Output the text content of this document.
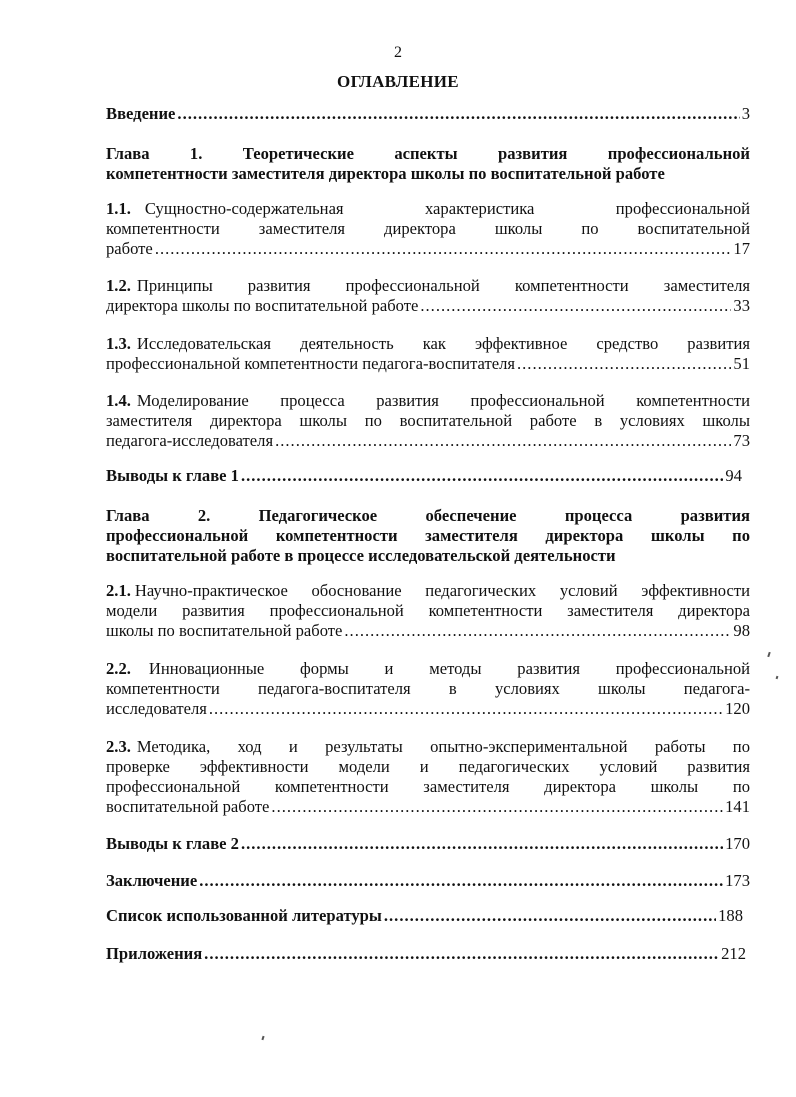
2
ОГЛАВЛЕНИЕ
Введение .....	3
Глава 1. Теоретические аспекты развития профессиональной
компетентности заместителя директора школы по воспитательной работе
1.1. Сущностно-содержательная характеристика профессиональной
компетентности заместителя директора школы по воспитательной
работе .....	17
1.2. Принципы развития профессиональной компетентности заместителя
директора школы по воспитательной работе .....	33
1.3. Исследовательская деятельность как эффективное средство развития
профессиональной компетентности педагога-воспитателя .....	51
1.4. Моделирование процесса развития профессиональной компетентности
заместителя директора школы по воспитательной работе в условиях школы
педагога-исследователя .....	73
Выводы к главе 1 .....	94
Глава 2. Педагогическое обеспечение процесса развития
профессиональной компетентности заместителя директора школы по
воспитательной работе в процессе исследовательской деятельности
2.1. Научно-практическое обоснование педагогических условий эффективности
модели развития профессиональной компетентности заместителя директора
школы по воспитательной работе .....	98
2.2. Инновационные формы и методы развития профессиональной
компетентности педагога-воспитателя в условиях школы педагога-
исследователя .....	120
2.3. Методика, ход и результаты опытно-экспериментальной работы по
проверке эффективности модели и педагогических условий развития
профессиональной компетентности заместителя директора школы по
воспитательной работе .....	141
Выводы к главе 2 .....	170
Заключение .....	173
Список использованной литературы .....	188
Приложения .....	212
